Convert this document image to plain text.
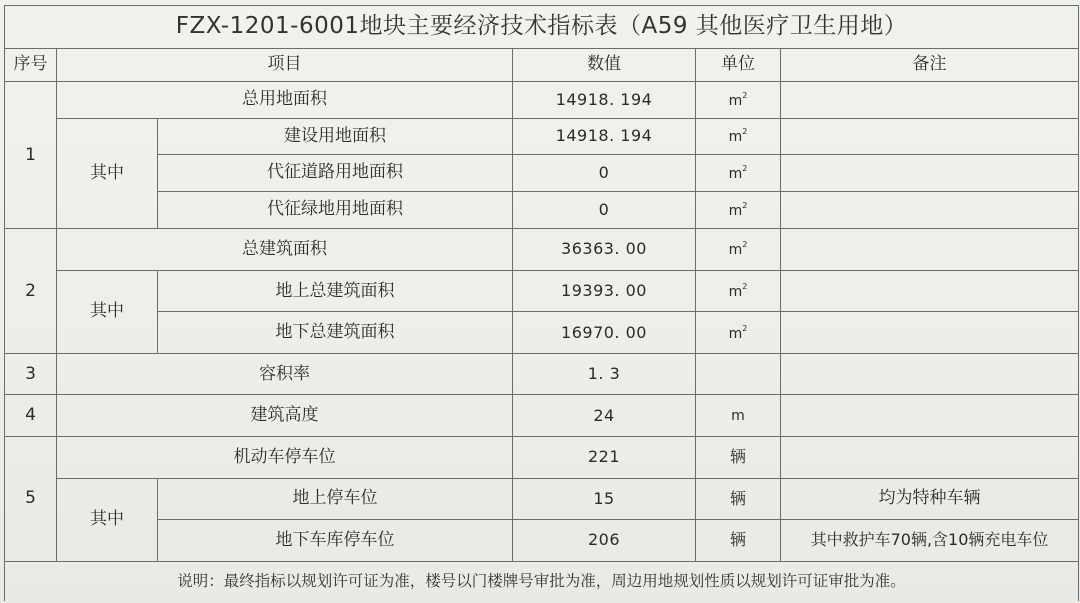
FZX-1201-6001地块主要经济技术指标表（A59 其他医疗卫生用地）					
序号	项目		数值	单位	备注
1	总用地面积		14918. 194	$m^2$	
	其中	建设用地面积	14918. 194	$m^2$	
		代征道路用地面积	0	$m^2$	
		代征绿地用地面积	0	$m^2$	
2	总建筑面积		36363. 00	$m^2$	
	其中	地上总建筑面积	19393. 00	$m^2$	
		地下总建筑面积	16970. 00	$m^2$	
3	容积率		1. 3		
4	建筑高度		24	m	
5	机动车停车位		221	辆	
	其中	地上停车位	15	辆	均为特种车辆
		地下车库停车位	206	辆	其中救护车70辆,含10辆充电车位
说明：最终指标以规划许可证为准，楼号以门楼牌号审批为准，周边用地规划性质以规划许可证审批为准。					
